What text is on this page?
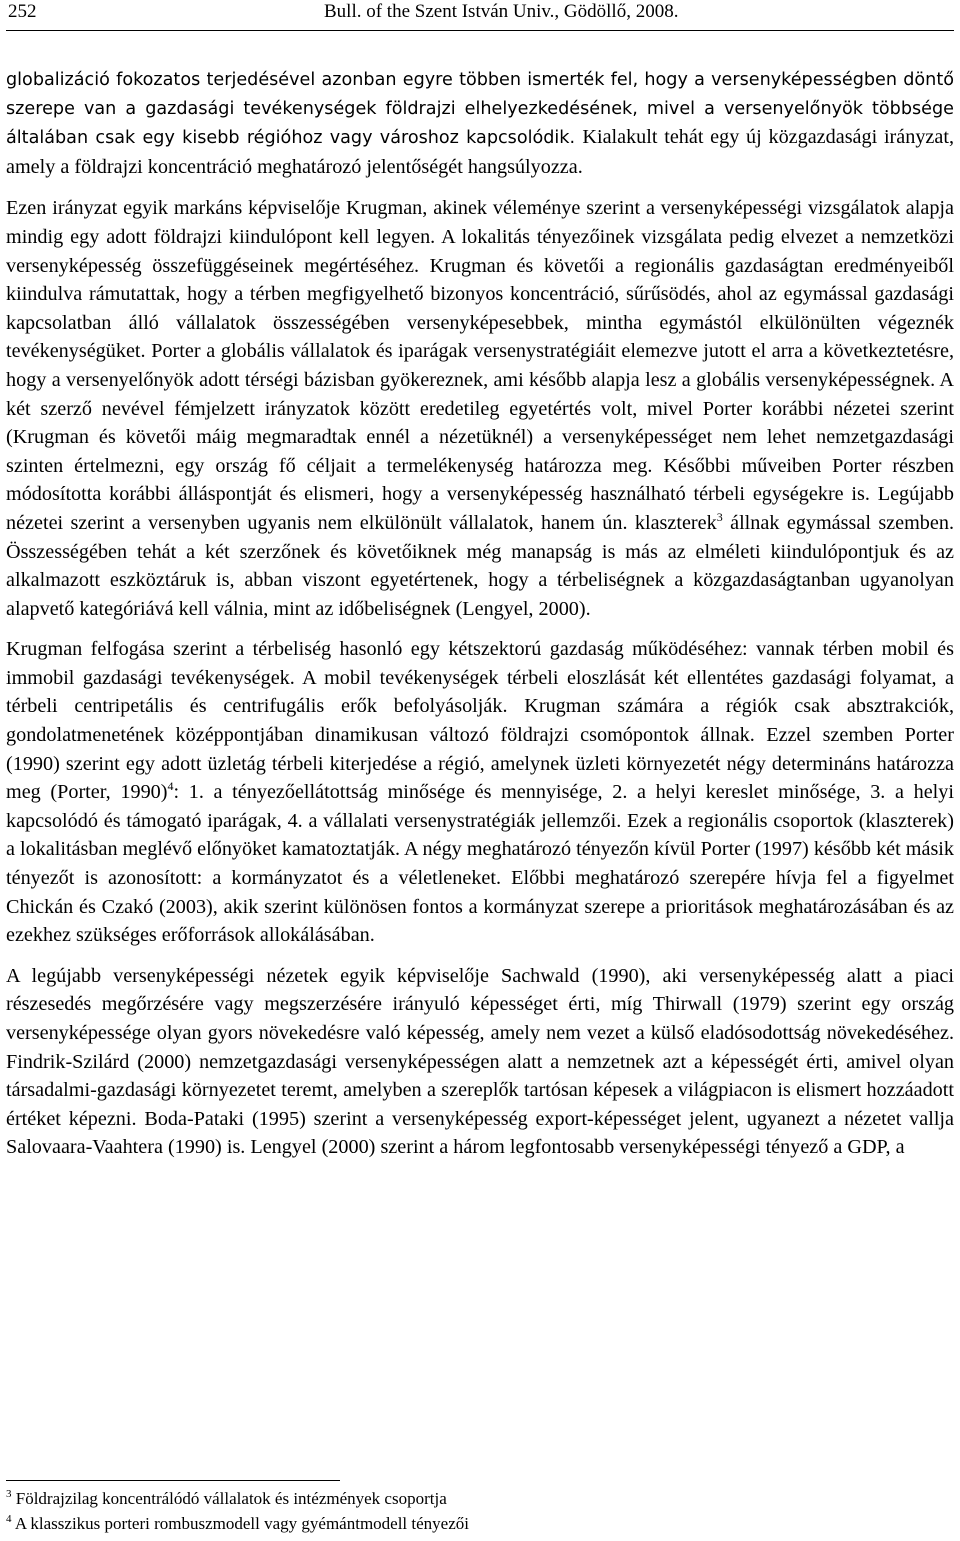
252	Bull. of the Szent István Univ., Gödöllő, 2008.

globalizáció fokozatos terjedésével azonban egyre többen ismerték fel, hogy a versenyképességben döntő szerepe van a gazdasági tevékenységek földrajzi elhelyezkedésének, mivel a versenyelőnyök többsége általában csak egy kisebb régióhoz vagy városhoz kapcsolódik. Kialakult tehát egy új közgazdasági irányzat, amely a földrajzi koncentráció meghatározó jelentőségét hangsúlyozza.

Ezen irányzat egyik markáns képviselője Krugman, akinek véleménye szerint a versenyképességi vizsgálatok alapja mindig egy adott földrajzi kiindulópont kell legyen. A lokalitás tényezőinek vizsgálata pedig elvezet a nemzetközi versenyképesség összefüggéseinek megértéséhez. Krugman és követői a regionális gazdaságtan eredményeiből kiindulva rámutattak, hogy a térben megfigyelhető bizonyos koncentráció, sűrűsödés, ahol az egymással gazdasági kapcsolatban álló vállalatok összességében versenyképesebbek, mintha egymástól elkülönülten végeznék tevékenységüket. Porter a globális vállalatok és iparágak versenystratégiáit elemezve jutott el arra a következtetésre, hogy a versenyelőnyök adott térségi bázisban gyökereznek, ami később alapja lesz a globális versenyképességnek. A két szerző nevével fémjelzett irányzatok között eredetileg egyetértés volt, mivel Porter korábbi nézetei szerint (Krugman és követői máig megmaradtak ennél a nézetüknél) a versenyképességet nem lehet nemzetgazdasági szinten értelmezni, egy ország fő céljait a termelékenység határozza meg. Későbbi műveiben Porter részben módosította korábbi álláspontját és elismeri, hogy a versenyképesség használható térbeli egységekre is. Legújabb nézetei szerint a versenyben ugyanis nem elkülönült vállalatok, hanem ún. klaszterek$^3$ állnak egymással szemben. Összességében tehát a két szerzőnek és követőiknek még manapság is más az elméleti kiindulópontjuk és az alkalmazott eszköztáruk is, abban viszont egyetértenek, hogy a térbeliségnek a közgazdaságtanban ugyanolyan alapvető kategóriává kell válnia, mint az időbeliségnek (Lengyel, 2000).

Krugman felfogása szerint a térbeliség hasonló egy kétszektorú gazdaság működéséhez: vannak térben mobil és immobil gazdasági tevékenységek. A mobil tevékenységek térbeli eloszlását két ellentétes gazdasági folyamat, a térbeli centripetális és centrifugális erők befolyásolják. Krugman számára a régiók csak absztrakciók, gondolatmenetének középpontjában dinamikusan változó földrajzi csomópontok állnak. Ezzel szemben Porter (1990) szerint egy adott üzletág térbeli kiterjedése a régió, amelynek üzleti környezetét négy determináns határozza meg (Porter, 1990)$^4$: 1. a tényezőellátottság minősége és mennyisége, 2. a helyi kereslet minősége, 3. a helyi kapcsolódó és támogató iparágak, 4. a vállalati versenystratégiák jellemzői. Ezek a regionális csoportok (klaszterek) a lokalitásban meglévő előnyöket kamatoztatják. A négy meghatározó tényezőn kívül Porter (1997) később két másik tényezőt is azonosított: a kormányzatot és a véletleneket. Előbbi meghatározó szerepére hívja fel a figyelmet Chickán és Czakó (2003), akik szerint különösen fontos a kormányzat szerepe a prioritások meghatározásában és az ezekhez szükséges erőforrások allokálásában.

A legújabb versenyképességi nézetek egyik képviselője Sachwald (1990), aki versenyképesség alatt a piaci részesedés megőrzésére vagy megszerzésére irányuló képességet érti, míg Thirwall (1979) szerint egy ország versenyképessége olyan gyors növekedésre való képesség, amely nem vezet a külső eladósodottság növekedéséhez. Findrik-Szilárd (2000) nemzetgazdasági versenyképességen alatt a nemzetnek azt a képességét érti, amivel olyan társadalmi-gazdasági környezetet teremt, amelyben a szereplők tartósan képesek a világpiacon is elismert hozzáadott értéket képezni. Boda-Pataki (1995) szerint a versenyképesség export-képességet jelent, ugyanezt a nézetet vallja Salovaara-Vaahtera (1990) is. Lengyel (2000) szerint a három legfontosabb versenyképességi tényező a GDP, a

$^3$ Földrajzilag koncentrálódó vállalatok és intézmények csoportja
$^4$ A klasszikus porteri rombuszmodell vagy gyémántmodell tényezői
